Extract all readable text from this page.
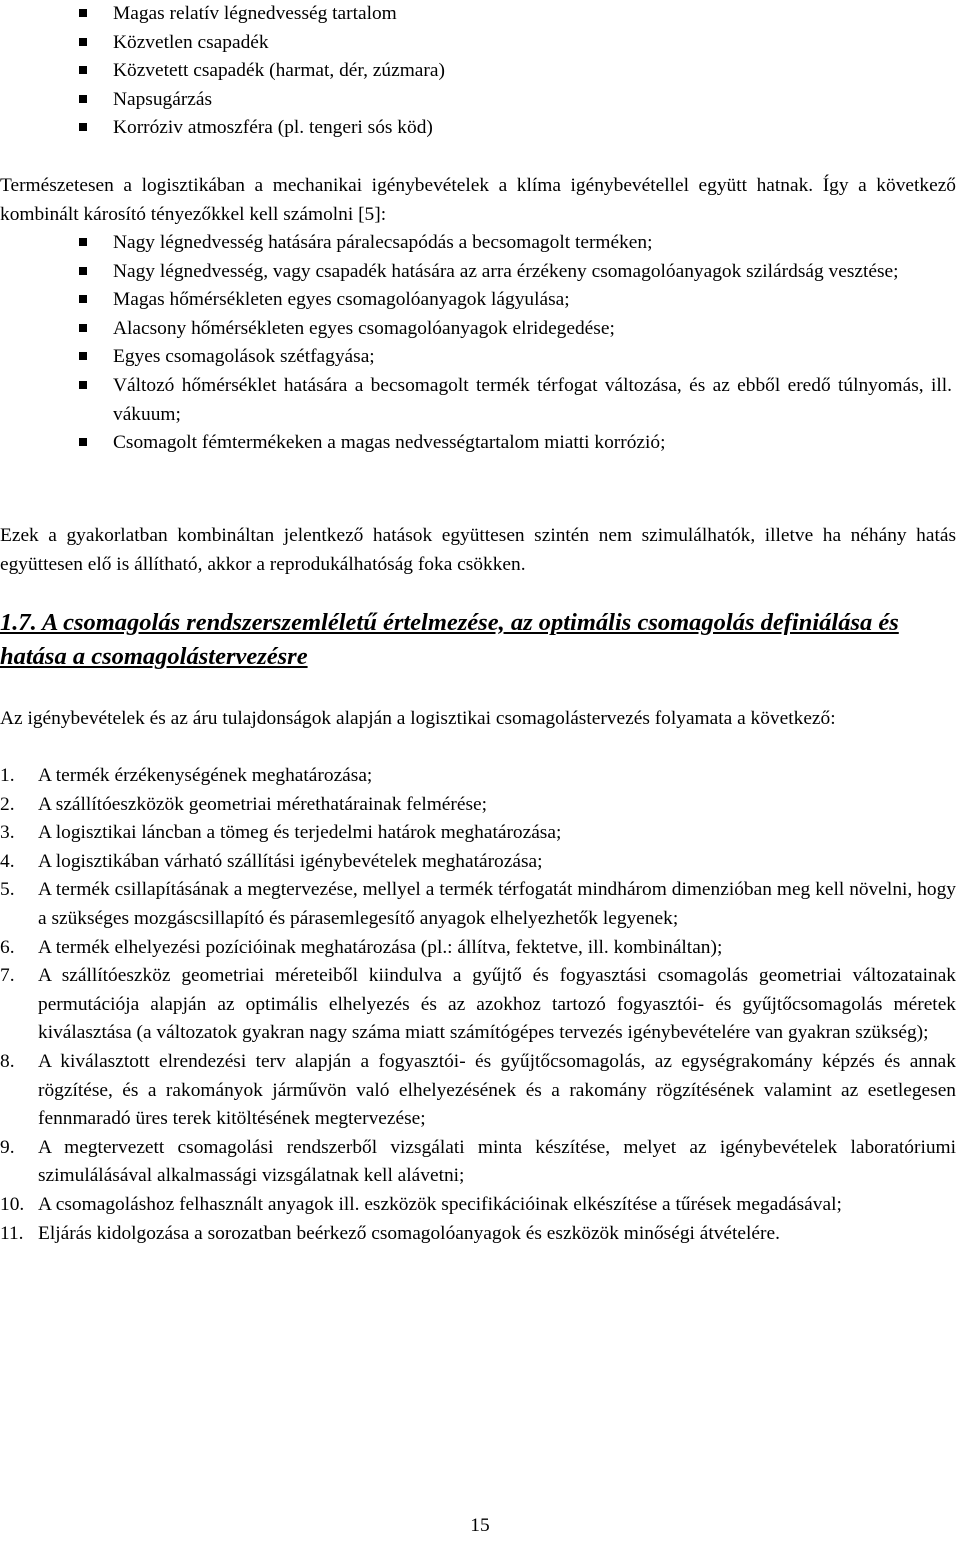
Magas relatív légnedvesség tartalom
Közvetlen csapadék
Közvetett csapadék (harmat, dér, zúzmara)
Napsugárzás
Korróziv atmoszféra (pl. tengeri sós köd)

Természetesen a logisztikában a mechanikai igénybevételek a klíma igénybevétellel együtt hatnak. Így a következő kombinált károsító tényezőkkel kell számolni [5]:

Nagy légnedvesség hatására páralecsapódás a becsomagolt terméken;
Nagy légnedvesség, vagy csapadék hatására az arra érzékeny csomagolóanyagok szilárdság vesztése;
Magas hőmérsékleten egyes csomagolóanyagok lágyulása;
Alacsony hőmérsékleten egyes csomagolóanyagok elridegedése;
Egyes csomagolások szétfagyása;
Változó hőmérséklet hatására a becsomagolt termék térfogat változása, és az ebből eredő túlnyomás, ill. vákuum;
Csomagolt fémtermékeken a magas nedvességtartalom miatti korrózió;

Ezek a gyakorlatban kombináltan jelentkező hatások együttesen szintén nem szimulálhatók, illetve ha néhány hatás együttesen elő is állítható, akkor a reprodukálhatóság foka csökken.

1.7. A csomagolás rendszerszemléletű értelmezése, az optimális csomagolás definiálása és hatása a csomagolástervezésre

Az igénybevételek és az áru tulajdonságok alapján a logisztikai csomagolástervezés folyamata a következő:

1. A termék érzékenységének meghatározása;
2. A szállítóeszközök geometriai mérethatárainak felmérése;
3. A logisztikai láncban a tömeg és terjedelmi határok meghatározása;
4. A logisztikában várható szállítási igénybevételek meghatározása;
5. A termék csillapításának a megtervezése, mellyel a termék térfogatát mindhárom dimenzióban meg kell növelni, hogy a szükséges mozgáscsillapító és párasemlegesítő anyagok elhelyezhetők legyenek;
6. A termék elhelyezési pozícióinak meghatározása (pl.: állítva, fektetve, ill. kombináltan);
7. A szállítóeszköz geometriai méreteiből kiindulva a gyűjtő és fogyasztási csomagolás geometriai változatainak permutációja alapján az optimális elhelyezés és az azokhoz tartozó fogyasztói- és gyűjtőcsomagolás méretek kiválasztása (a változatok gyakran nagy száma miatt számítógépes tervezés igénybevételére van gyakran szükség);
8. A kiválasztott elrendezési terv alapján a fogyasztói- és gyűjtőcsomagolás, az egységrakomány képzés és annak rögzítése, és a rakományok járművön való elhelyezésének és a rakomány rögzítésének valamint az esetlegesen fennmaradó üres terek kitöltésének megtervezése;
9. A megtervezett csomagolási rendszerből vizsgálati minta készítése, melyet az igénybevételek laboratóriumi szimulálásával alkalmassági vizsgálatnak kell alávetni;
10. A csomagoláshoz felhasznált anyagok ill. eszközök specifikációinak elkészítése a tűrések megadásával;
11. Eljárás kidolgozása a sorozatban beérkező csomagolóanyagok és eszközök minőségi átvételére.
15
